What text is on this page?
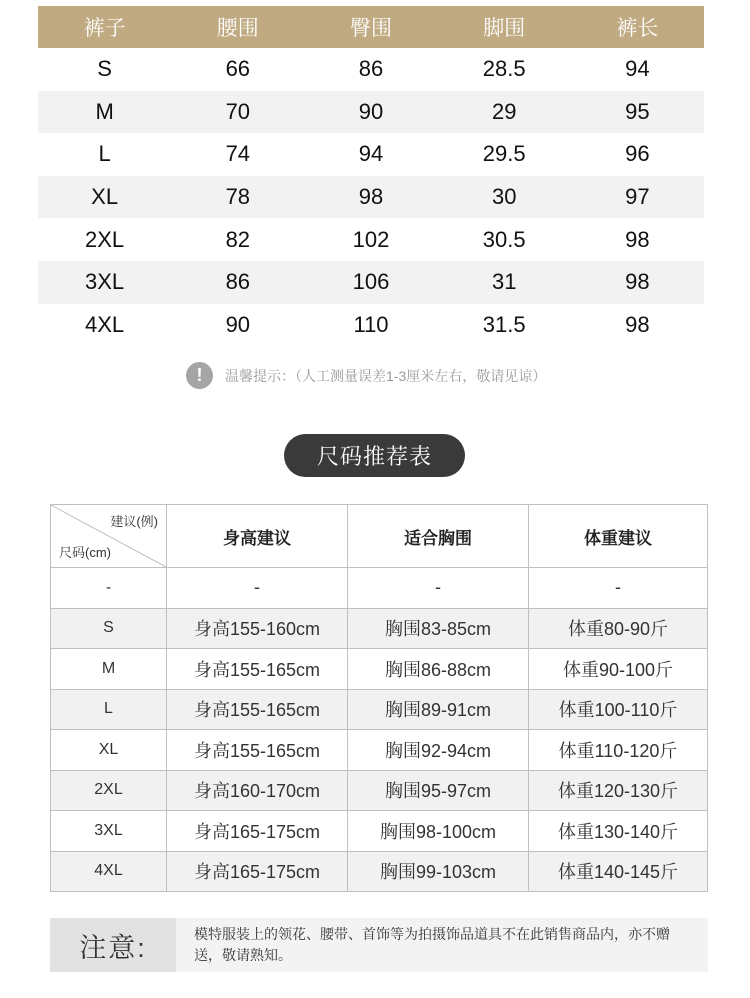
裤子	腰围	臀围	脚围	裤长
S	66	86	28.5	94
M	70	90	29	95
L	74	94	29.5	96
XL	78	98	30	97
2XL	82	102	30.5	98
3XL	86	106	31	98
4XL	90	110	31.5	98
!	温馨提示：（人工测量误差1-3厘米左右，敬请见谅）
尺码推荐表
建议(例)
尺码(cm)	身高建议	适合胸围	体重建议
-	-	-	-
S	身高155-160cm	胸围83-85cm	体重80-90斤
M	身高155-165cm	胸围86-88cm	体重90-100斤
L	身高155-165cm	胸围89-91cm	体重100-110斤
XL	身高155-165cm	胸围92-94cm	体重110-120斤
2XL	身高160-170cm	胸围95-97cm	体重120-130斤
3XL	身高165-175cm	胸围98-100cm	体重130-140斤
4XL	身高165-175cm	胸围99-103cm	体重140-145斤
注意:	模特服装上的领花、腰带、首饰等为拍摄饰品道具不在此销售商品内，亦不赠送，敬请熟知。
